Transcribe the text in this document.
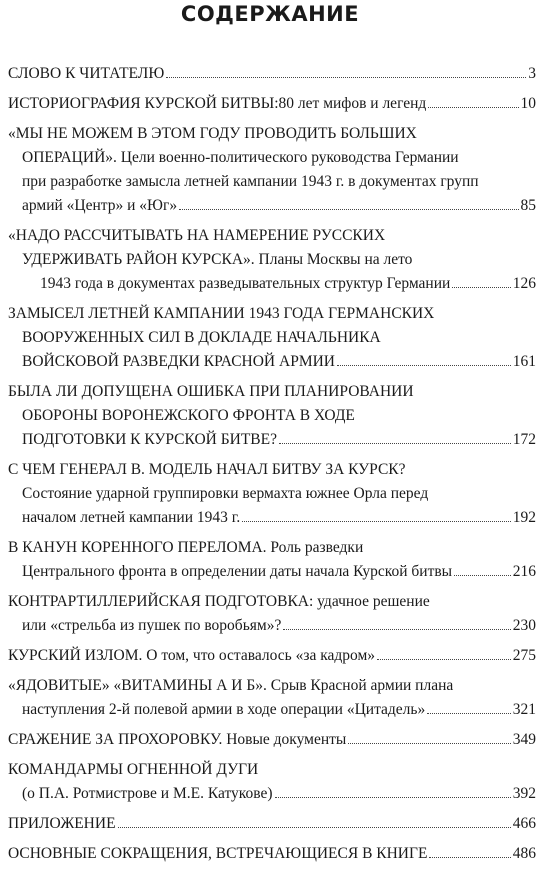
СОДЕРЖАНИЕ
СЛОВО К ЧИТАТЕЛЮ	3
ИСТОРИОГРАФИЯ КУРСКОЙ БИТВЫ:80 лет мифов и легенд	10
«МЫ НЕ МОЖЕМ В ЭТОМ ГОДУ ПРОВОДИТЬ БОЛЬШИХ
ОПЕРАЦИЙ». Цели военно-политического руководства Германии
при разработке замысла летней кампании 1943 г. в документах групп
армий «Центр» и «Юг»	85
«НАДО РАССЧИТЫВАТЬ НА НАМЕРЕНИЕ РУССКИХ
УДЕРЖИВАТЬ РАЙОН КУРСКА». Планы Москвы на лето
1943 года в документах разведывательных структур Германии	126
ЗАМЫСЕЛ ЛЕТНЕЙ КАМПАНИИ 1943 ГОДА ГЕРМАНСКИХ
ВООРУЖЕННЫХ СИЛ В ДОКЛАДЕ НАЧАЛЬНИКА
ВОЙСКОВОЙ РАЗВЕДКИ КРАСНОЙ АРМИИ	161
БЫЛА ЛИ ДОПУЩЕНА ОШИБКА ПРИ ПЛАНИРОВАНИИ
ОБОРОНЫ ВОРОНЕЖСКОГО ФРОНТА В ХОДЕ
ПОДГОТОВКИ К КУРСКОЙ БИТВЕ?	172
С ЧЕМ ГЕНЕРАЛ В. МОДЕЛЬ НАЧАЛ БИТВУ ЗА КУРСК?
Состояние ударной группировки вермахта южнее Орла перед
началом летней кампании 1943 г.	192
В КАНУН КОРЕННОГО ПЕРЕЛОМА. Роль разведки
Центрального фронта в определении даты начала Курской битвы	216
КОНТРАРТИЛЛЕРИЙСКАЯ ПОДГОТОВКА: удачное решение
или «стрельба из пушек по воробьям»?	230
КУРСКИЙ ИЗЛОМ. О том, что оставалось «за кадром»	275
«ЯДОВИТЫЕ» «ВИТАМИНЫ А И Б». Срыв Красной армии плана
наступления 2-й полевой армии в ходе операции «Цитадель»	321
СРАЖЕНИЕ ЗА ПРОХОРОВКУ. Новые документы	349
КОМАНДАРМЫ ОГНЕННОЙ ДУГИ
(о П.А. Ротмистрове и М.Е. Катукове)	392
ПРИЛОЖЕНИЕ	466
ОСНОВНЫЕ СОКРАЩЕНИЯ, ВСТРЕЧАЮЩИЕСЯ В КНИГЕ	486
